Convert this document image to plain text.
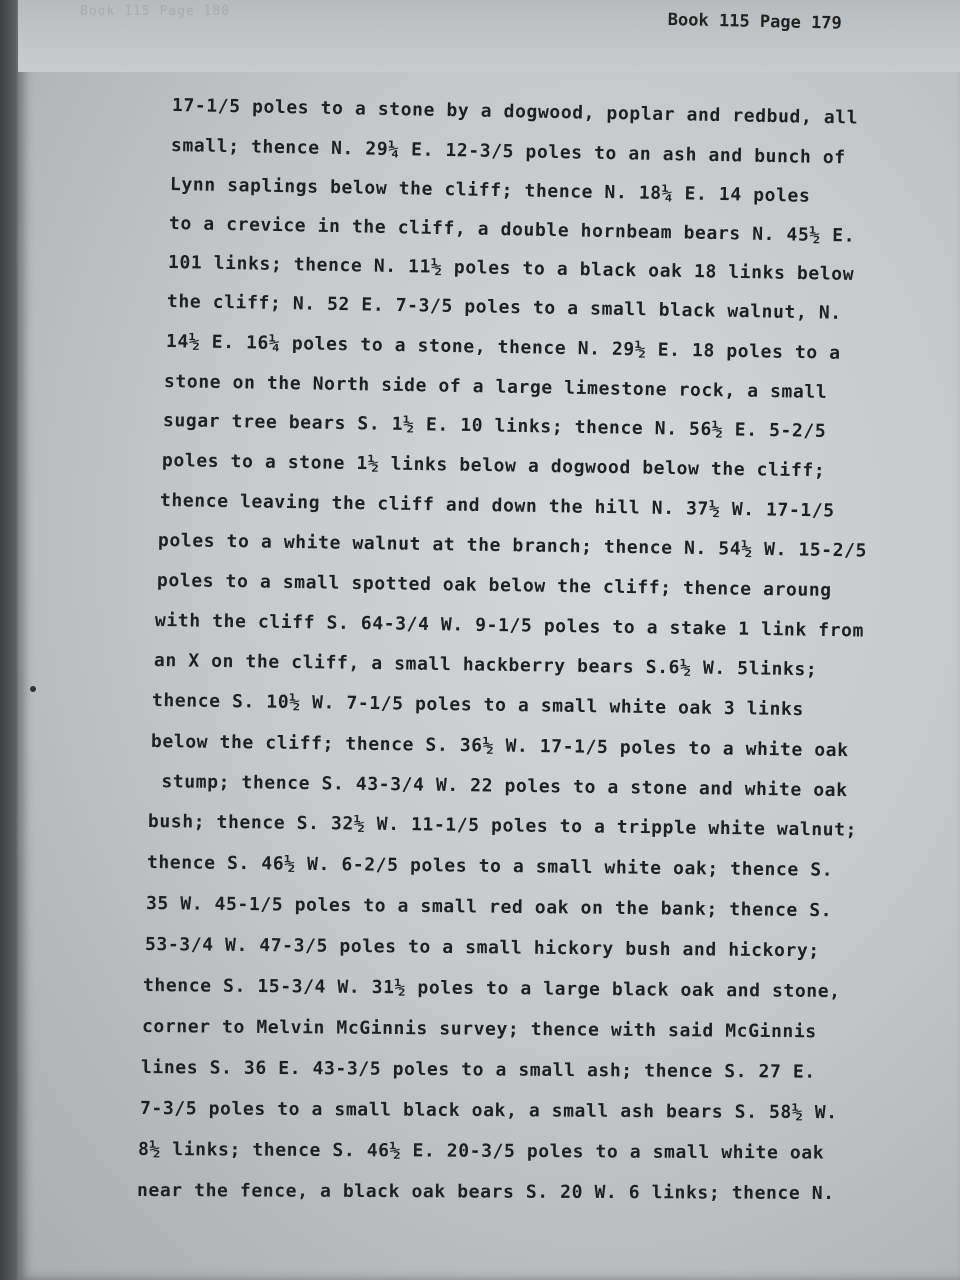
Book 115 Page 180	Book 115 Page 179
17-1/5 poles to a stone by a dogwood, poplar and redbud, all
small; thence N. 29¼ E. 12-3/5 poles to an ash and bunch of
Lynn saplings below the cliff; thence N. 18¼ E. 14 poles
to a crevice in the cliff, a double hornbeam bears N. 45½ E.
101 links; thence N. 11½ poles to a black oak 18 links below
the cliff; N. 52 E. 7-3/5 poles to a small black walnut, N.
14½ E. 16¼ poles to a stone, thence N. 29½ E. 18 poles to a
stone on the North side of a large limestone rock, a small
sugar tree bears S. 1½ E. 10 links; thence N. 56½ E. 5-2/5
poles to a stone 1½ links below a dogwood below the cliff;
thence leaving the cliff and down the hill N. 37½ W. 17-1/5
poles to a white walnut at the branch; thence N. 54½ W. 15-2/5
poles to a small spotted oak below the cliff; thence aroung
with the cliff S. 64-3/4 W. 9-1/5 poles to a stake 1 link from
an X on the cliff, a small hackberry bears S.6½ W. 5links;
thence S. 10½ W. 7-1/5 poles to a small white oak 3 links
below the cliff; thence S. 36½ W. 17-1/5 poles to a white oak
stump; thence S. 43-3/4 W. 22 poles to a stone and white oak
bush; thence S. 32½ W. 11-1/5 poles to a tripple white walnut;
thence S. 46½ W. 6-2/5 poles to a small white oak; thence S.
35 W. 45-1/5 poles to a small red oak on the bank; thence S.
53-3/4 W. 47-3/5 poles to a small hickory bush and hickory;
thence S. 15-3/4 W. 31½ poles to a large black oak and stone,
corner to Melvin McGinnis survey; thence with said McGinnis
lines S. 36 E. 43-3/5 poles to a small ash; thence S. 27 E.
7-3/5 poles to a small black oak, a small ash bears S. 58½ W.
8½ links; thence S. 46½ E. 20-3/5 poles to a small white oak
near the fence, a black oak bears S. 20 W. 6 links; thence N.
